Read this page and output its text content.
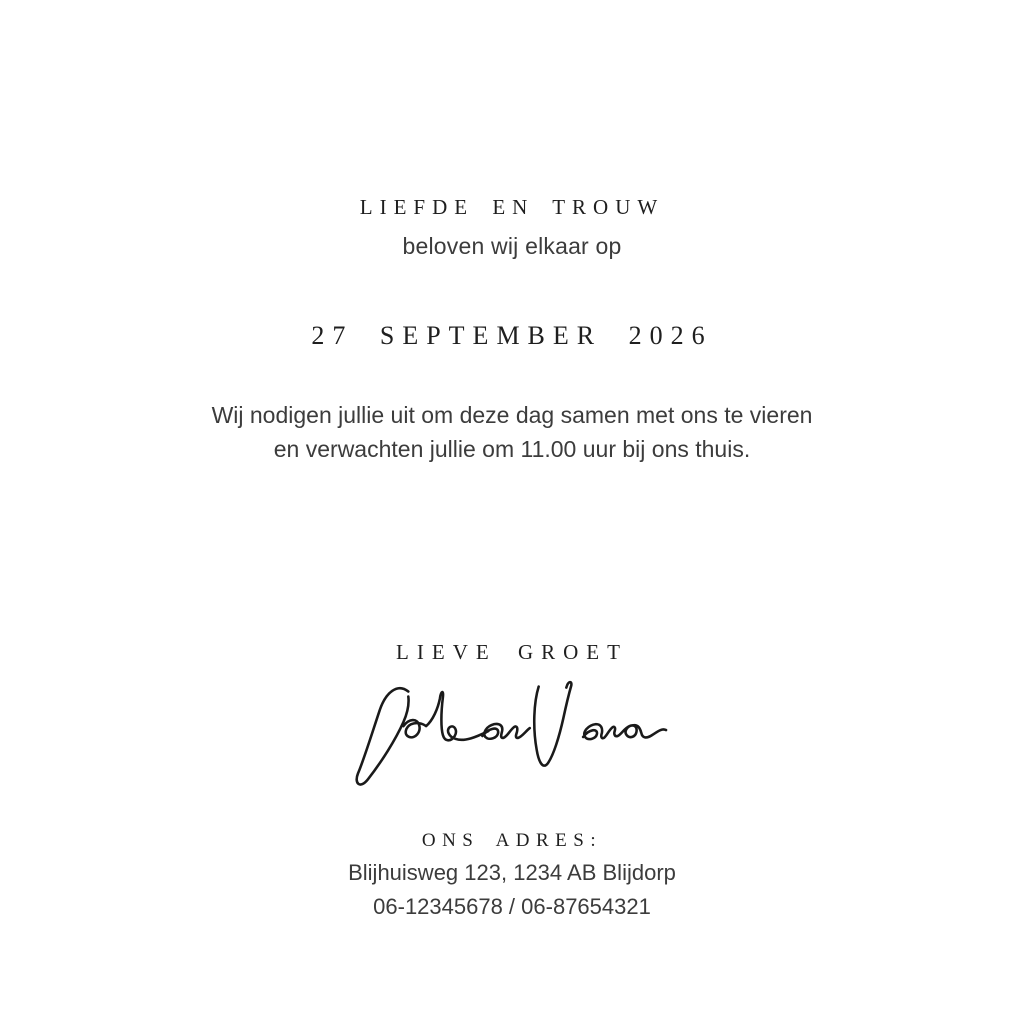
LIEFDE EN TROUW
beloven wij elkaar op
27 SEPTEMBER 2026
Wij nodigen jullie uit om deze dag samen met ons te vieren
en verwachten jullie om 11.00 uur bij ons thuis.
LIEVE GROET
ONS ADRES:
Blijhuisweg 123, 1234 AB Blijdorp
06-12345678 / 06-87654321
